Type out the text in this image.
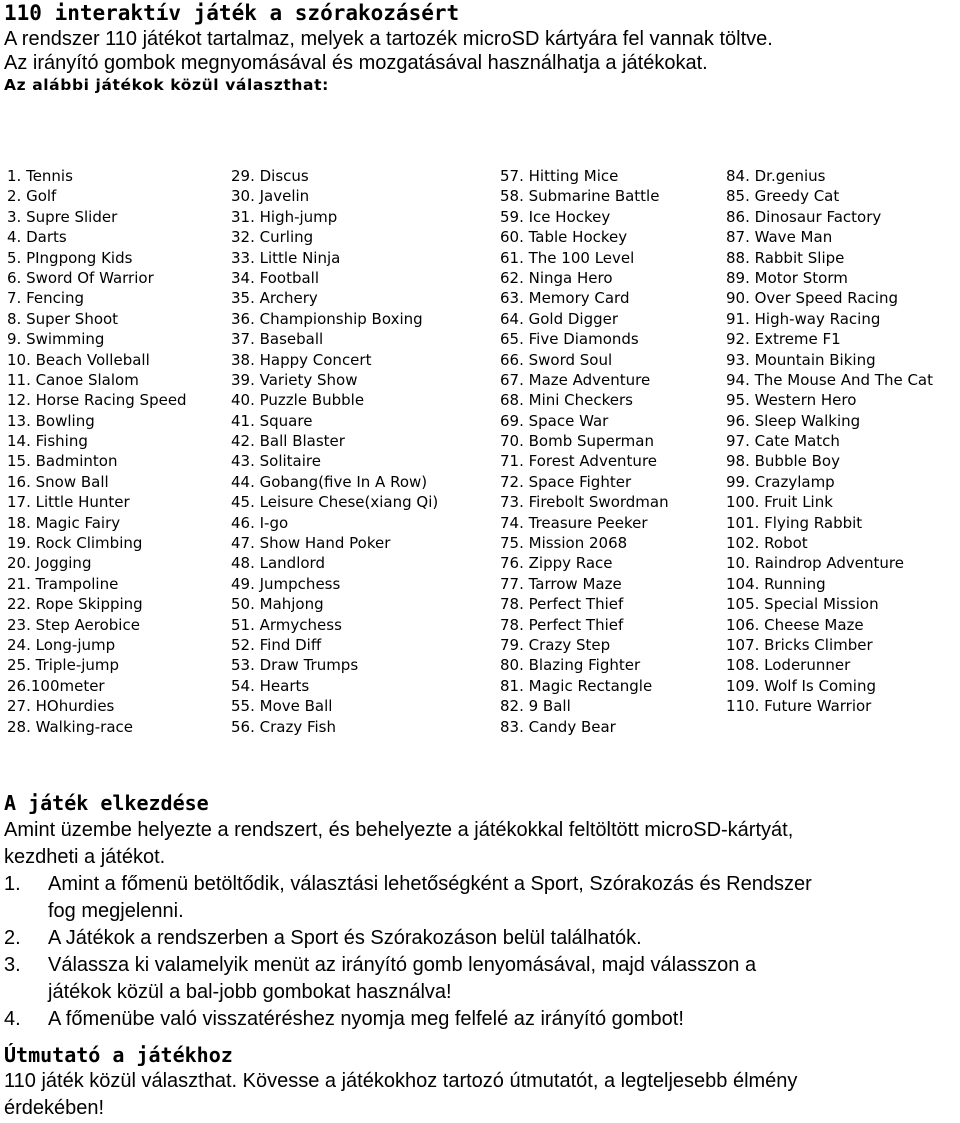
110 interaktív játék a szórakozásért
A rendszer 110 játékot tartalmaz, melyek a tartozék microSD kártyára fel vannak töltve.
Az irányító gombok megnyomásával és mozgatásával használhatja a játékokat.
Az alábbi játékok közül választhat:
1. Tennis
2. Golf
3. Supre Slider
4. Darts
5. PIngpong Kids
6. Sword Of Warrior
7. Fencing
8. Super Shoot
9. Swimming
10. Beach Volleball
11. Canoe Slalom
12. Horse Racing Speed
13. Bowling
14. Fishing
15. Badminton
16. Snow Ball
17. Little Hunter
18. Magic Fairy
19. Rock Climbing
20. Jogging
21. Trampoline
22. Rope Skipping
23. Step Aerobice
24. Long-jump
25. Triple-jump
26.100meter
27. HOhurdies
28. Walking-race
29. Discus
30. Javelin
31. High-jump
32. Curling
33. Little Ninja
34. Football
35. Archery
36. Championship Boxing
37. Baseball
38. Happy Concert
39. Variety Show
40. Puzzle Bubble
41. Square
42. Ball Blaster
43. Solitaire
44. Gobang(five In A Row)
45. Leisure Chese(xiang Qi)
46. I-go
47. Show Hand Poker
48. Landlord
49. Jumpchess
50. Mahjong
51. Armychess
52. Find Diff
53. Draw Trumps
54. Hearts
55. Move Ball
56. Crazy Fish
57. Hitting Mice
58. Submarine Battle
59. Ice Hockey
60. Table Hockey
61. The 100 Level
62. Ninga Hero
63. Memory Card
64. Gold Digger
65. Five Diamonds
66. Sword Soul
67. Maze Adventure
68. Mini Checkers
69. Space War
70. Bomb Superman
71. Forest Adventure
72. Space Fighter
73. Firebolt Swordman
74. Treasure Peeker
75. Mission 2068
76. Zippy Race
77. Tarrow Maze
78. Perfect Thief
78. Perfect Thief
79. Crazy Step
80. Blazing Fighter
81. Magic Rectangle
82. 9 Ball
83. Candy Bear
84. Dr.genius
85. Greedy Cat
86. Dinosaur Factory
87. Wave Man
88. Rabbit Slipe
89. Motor Storm
90. Over Speed Racing
91. High-way Racing
92. Extreme F1
93. Mountain Biking
94. The Mouse And The Cat
95. Western Hero
96. Sleep Walking
97. Cate Match
98. Bubble Boy
99. Crazylamp
100. Fruit Link
101. Flying Rabbit
102. Robot
10. Raindrop Adventure
104. Running
105. Special Mission
106. Cheese Maze
107. Bricks Climber
108. Loderunner
109. Wolf Is Coming
110. Future Warrior
A játék elkezdése
Amint üzembe helyezte a rendszert, és behelyezte a játékokkal feltöltött microSD-kártyát, kezdheti a játékot.
1. Amint a főmenü betöltődik, választási lehetőségként a Sport, Szórakozás és Rendszer fog megjelenni.
2. A Játékok a rendszerben a Sport és Szórakozáson belül találhatók.
3. Válassza ki valamelyik menüt az irányító gomb lenyomásával, majd válasszon a játékok közül a bal-jobb gombokat használva!
4. A főmenübe való visszatéréshez nyomja meg felfelé az irányító gombot!
Útmutató a játékhoz
110 játék közül választhat. Kövesse a játékokhoz tartozó útmutatót, a legteljesebb élmény érdekében!
